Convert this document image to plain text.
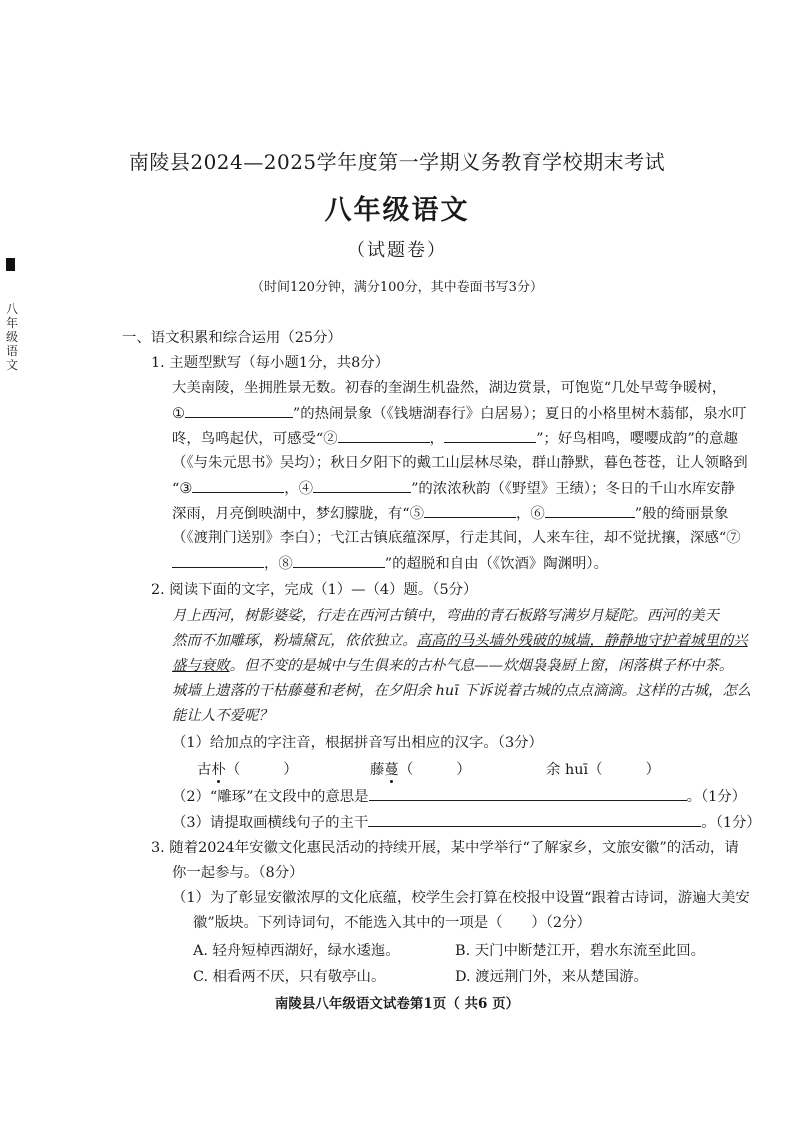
八年级语文
南陵县2024—2025学年度第一学期义务教育学校期末考试
八年级语文
（试题卷）
（时间120分钟，满分100分，其中卷面书写3分）
一、语文积累和综合运用（25分）
1. 主题型默写（每小题1分，共8分）
大美南陵，坐拥胜景无数。初春的奎湖生机盎然，湖边赏景，可饱览“几处早莺争暖树，
①	”的热闹景象（《钱塘湖春行》白居易）；夏日的小格里树木蓊郁，泉水叮
咚，鸟鸣起伏，可感受“②	，	”；好鸟相鸣，嘤嘤成韵”的意趣
（《与朱元思书》吴均）；秋日夕阳下的戴工山层林尽染，群山静默，暮色苍苍，让人领略到
“③	，④	”的浓浓秋韵（《野望》王绩）；冬日的千山水库安静
深雨，月亮倒映湖中，梦幻朦胧，有“⑤	，⑥	”般的绮丽景象
（《渡荆门送别》李白）；弋江古镇底蕴深厚，行走其间，人来车往，却不觉扰攘，深感“⑦
，⑧	”的超脱和自由（《饮酒》陶渊明）。
2. 阅读下面的文字，完成（1）—（4）题。（5分）
月上西河，树影婆娑，行走在西河古镇中，弯曲的青石板路写满岁月疑陀。西河的美天
然而不加雕琢，粉墙黛瓦，依依独立。高高的马头墙外残破的城墙，静静地守护着城里的兴
盛与衰败。但不变的是城中与生俱来的古朴气息——炊烟袅袅厨上窗，闲落棋子杯中茶。
城墙上遗落的干枯藤蔓和老树，在夕阳余 huī 下诉说着古城的点点滴滴。这样的古城，怎么
能让人不爱呢？
（1）给加点的字注音，根据拼音写出相应的汉字。（3分）
古朴（　　　）	藤蔓（　　　）	余 huī（　　　）
（2）“雕琢”在文段中的意思是	。（1分）
（3）请提取画横线句子的主干	。（1分）
3. 随着2024年安徽文化惠民活动的持续开展，某中学举行“了解家乡，文旅安徽”的活动，请
你一起参与。（8分）
（1）为了彰显安徽浓厚的文化底蕴，校学生会打算在校报中设置“跟着古诗词，游遍大美安
徽”版块。下列诗词句，不能选入其中的一项是（　　）（2分）
A. 轻舟短棹西湖好，绿水逶迤。	B. 天门中断楚江开，碧水东流至此回。
C. 相看两不厌，只有敬亭山。	D. 渡远荆门外，来从楚国游。
南陵县八年级语文试卷第1页（ 共6 页）
